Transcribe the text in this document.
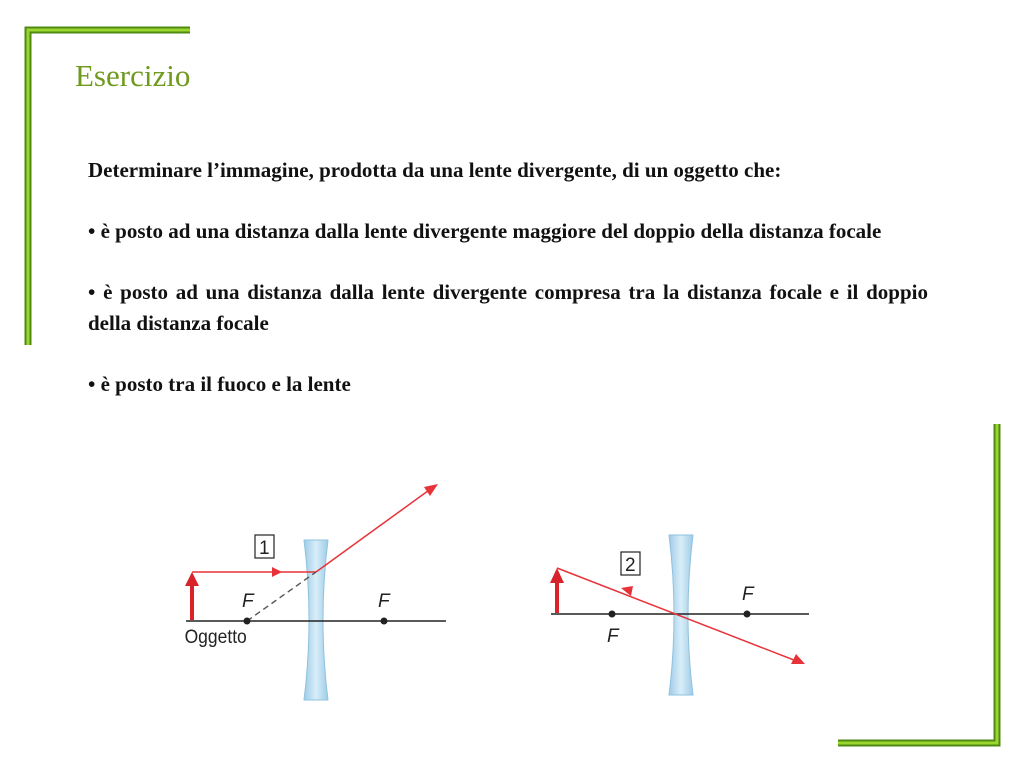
Esercizio

Determinare l’immagine, prodotta da una lente divergente, di un oggetto che:

• è posto ad una distanza dalla lente divergente maggiore del doppio della distanza focale

• è posto ad una distanza dalla lente divergente compresa tra la distanza focale e il doppio della distanza focale

• è posto tra il fuoco e la lente

F	F
1
Oggetto	F
F
2
